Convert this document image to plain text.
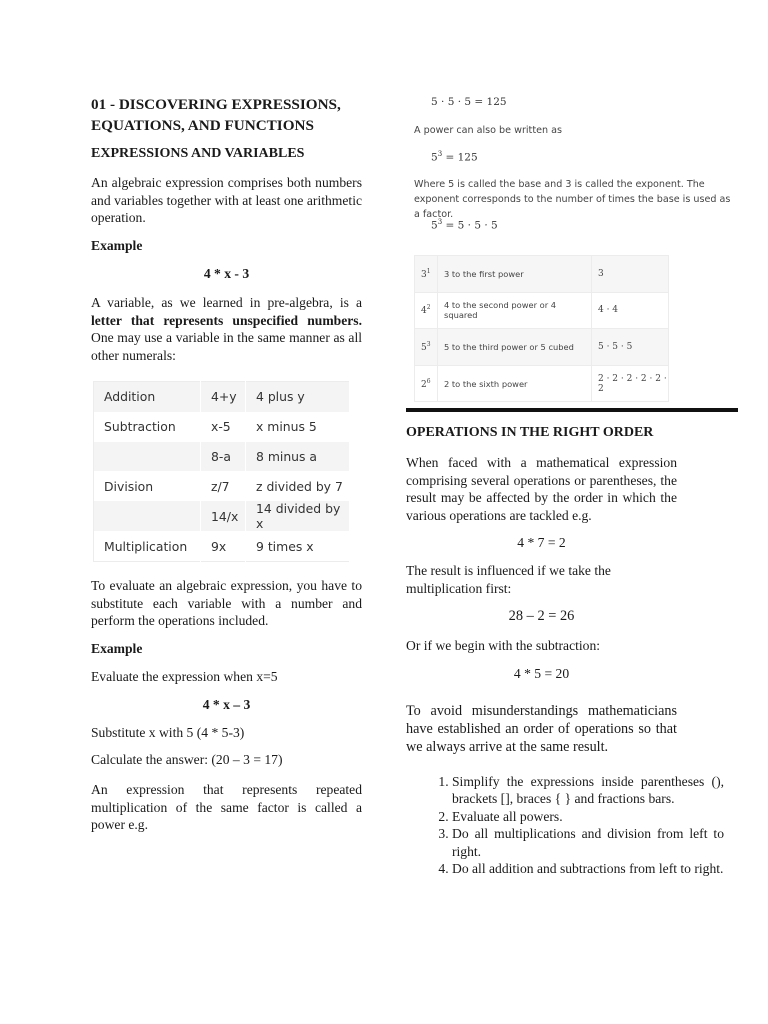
01 - DISCOVERING EXPRESSIONS,
EQUATIONS, AND FUNCTIONS
EXPRESSIONS AND VARIABLES

An algebraic expression comprises both numbers and variables together with at least one arithmetic operation.

Example
4 * x - 3

A variable, as we learned in pre-algebra, is a letter that represents unspecified numbers. One may use a variable in the same manner as all other numerals:

Addition	4+y	4 plus y
Subtraction	x-5	x minus 5
	8-a	8 minus a
Division	z/7	z divided by 7
	14/x	14 divided by x
Multiplication	9x	9 times x

To evaluate an algebraic expression, you have to substitute each variable with a number and perform the operations included.

Example
Evaluate the expression when x=5
4 * x – 3
Substitute x with 5 (4 * 5-3)
Calculate the answer: (20 – 3 = 17)

An expression that represents repeated multiplication of the same factor is called a power e.g.

5 · 5 · 5 = 125
A power can also be written as
$5^3 = 125$

Where 5 is called the base and 3 is called the exponent. The exponent corresponds to the number of times the base is used as a factor.

$5^3 = 5 \cdot 5 \cdot 5$
$3^1$	3 to the first power	3
$4^2$	4 to the second power or 4 squared	4 · 4
$5^3$	5 to the third power or 5 cubed	5 · 5 · 5
$2^6$	2 to the sixth power	2 · 2 · 2 · 2 · 2 · 2
OPERATIONS IN THE RIGHT ORDER

When faced with a mathematical expression comprising several operations or parentheses, the result may be affected by the order in which the various operations are tackled e.g.

4 * 7 = 2

The result is influenced if we take the multiplication first:

28 – 2 = 26
Or if we begin with the subtraction:
4 * 5 = 20

To avoid misunderstandings mathematicians have established an order of operations so that we always arrive at the same result.

1. Simplify the expressions inside parentheses (), brackets [], braces { } and fractions bars.
2. Evaluate all powers.
3. Do all multiplications and division from left to right.
4. Do all addition and subtractions from left to right.
